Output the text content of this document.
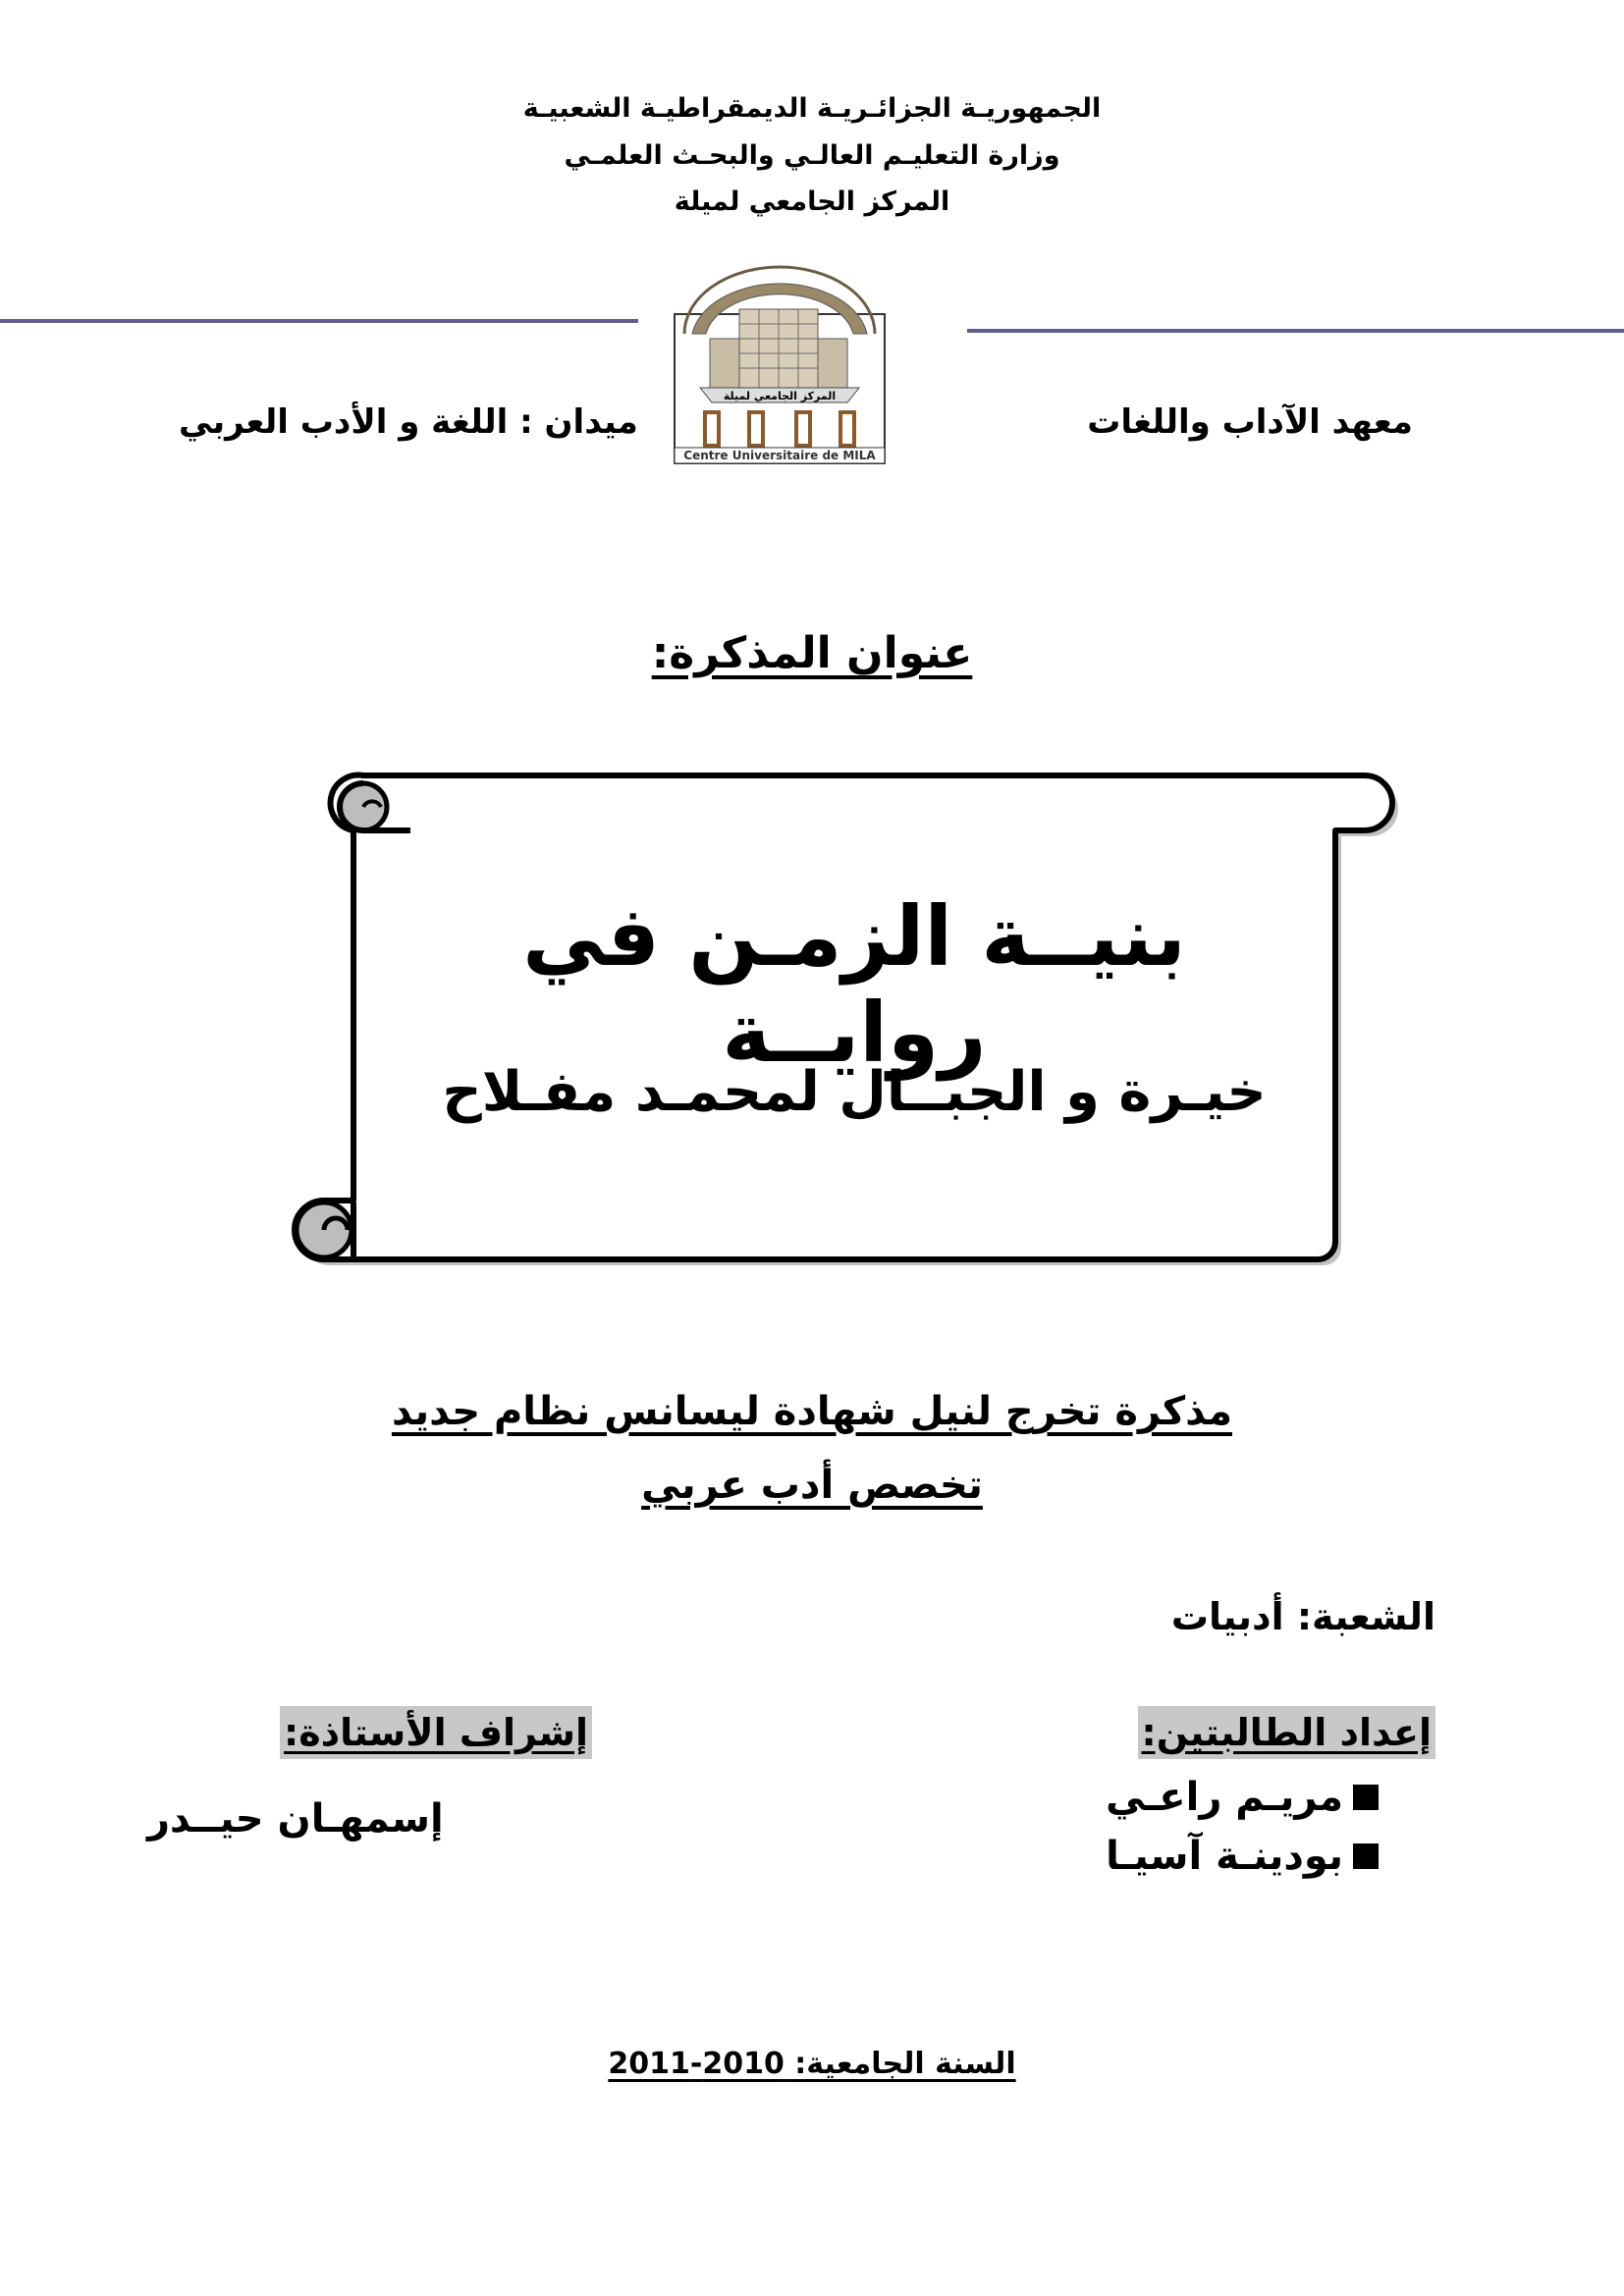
الجمهوريـة الجزائـريـة الديمقراطيـة الشعبيـة
وزارة التعليـم العالـي والبحـث العلمـي
المركز الجامعي لميلة
المركز الجامعي لميلة
Centre Universitaire de MILA
معهد الآداب واللغات
ميدان : اللغة و الأدب العربي
عنوان المذكرة:
بنيــة الزمـن في روايــة
خيـرة و الجبــال لمحمـد مفـلاح
مذكرة تخرج لنيل شهادة ليسانس نظام جديد
تخصص أدب عربي
الشعبة: أدبيات
إعداد الطالبتين:
مريـم راعـي
بودينـة آسيـا
إشراف الأستاذة:
إسمهـان حيــدر
السنة الجامعية: 2010-2011
